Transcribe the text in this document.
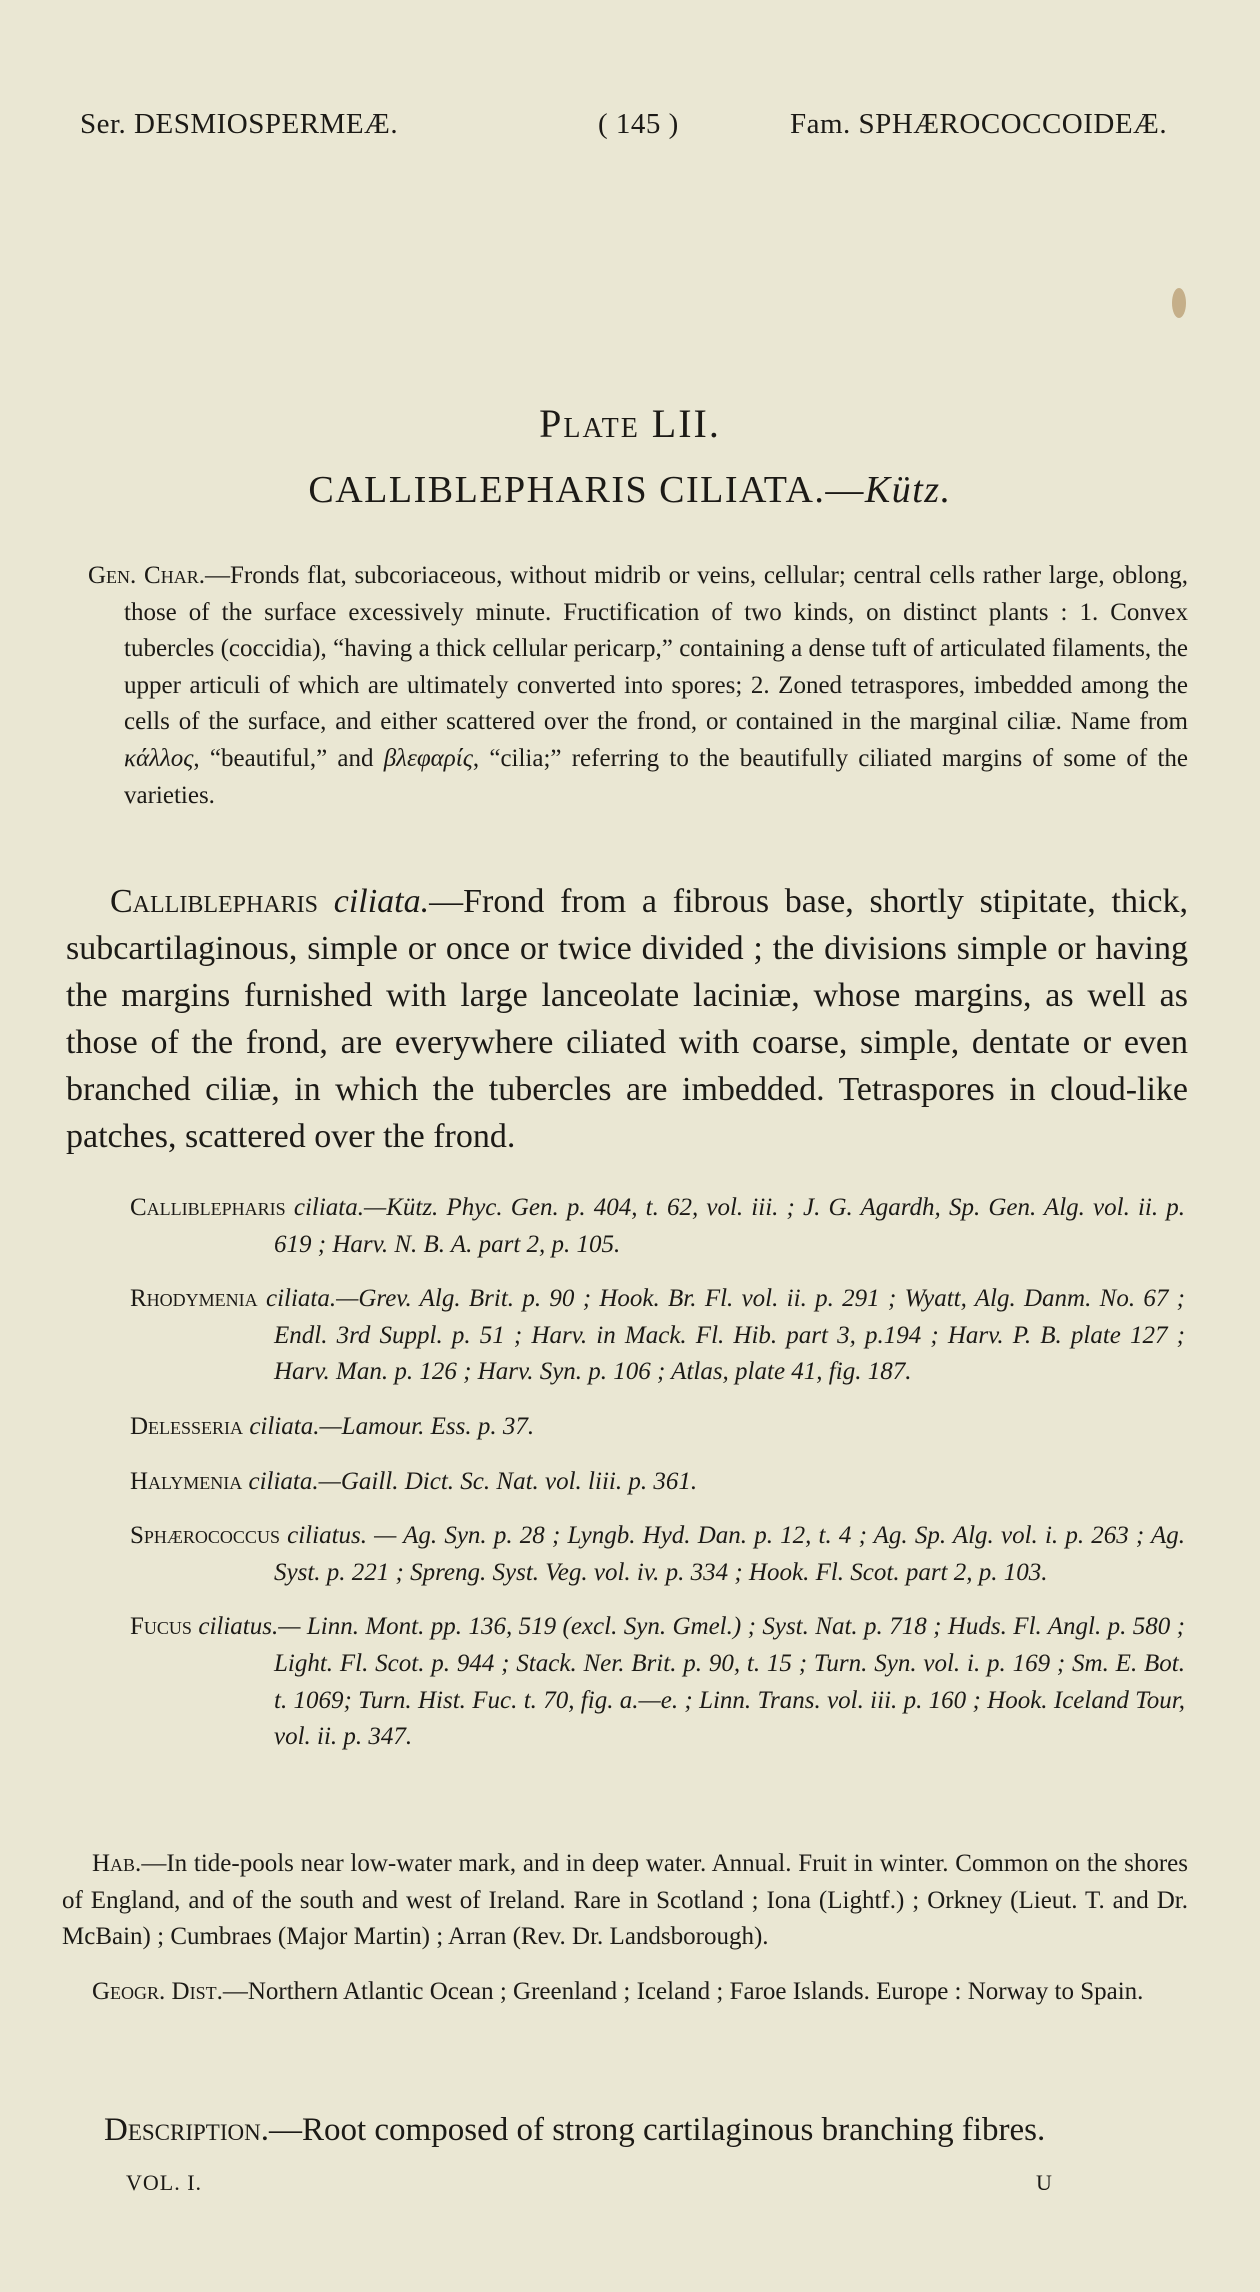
Ser. DESMIOSPERMEÆ.	( 145 )	Fam. SPHÆROCOCCOIDEÆ.
Plate LII.
CALLIBLEPHARIS CILIATA.—Kütz.

Gen. Char.—Fronds flat, subcoriaceous, without midrib or veins, cellular; central cells rather large, oblong, those of the surface excessively minute. Fructification of two kinds, on distinct plants : 1. Convex tubercles (coccidia), “having a thick cellular pericarp,” containing a dense tuft of articulated filaments, the upper articuli of which are ultimately converted into spores; 2. Zoned tetraspores, imbedded among the cells of the surface, and either scattered over the frond, or contained in the marginal ciliæ. Name from κάλλος, “beautiful,” and βλεφαρίς, “cilia;” referring to the beautifully ciliated margins of some of the varieties.

Calliblepharis ciliata.—Frond from a fibrous base, shortly stipitate, thick, subcartilaginous, simple or once or twice divided ; the divisions simple or having the margins furnished with large lanceolate laciniæ, whose margins, as well as those of the frond, are everywhere ciliated with coarse, simple, dentate or even branched ciliæ, in which the tubercles are imbedded. Tetraspores in cloud-like patches, scattered over the frond.

Calliblepharis ciliata.—Kütz. Phyc. Gen. p. 404, t. 62, vol. iii. ; J. G. Agardh, Sp. Gen. Alg. vol. ii. p. 619 ; Harv. N. B. A. part 2, p. 105.
Rhodymenia ciliata.—Grev. Alg. Brit. p. 90 ; Hook. Br. Fl. vol. ii. p. 291 ; Wyatt, Alg. Danm. No. 67 ; Endl. 3rd Suppl. p. 51 ; Harv. in Mack. Fl. Hib. part 3, p.194 ; Harv. P. B. plate 127 ; Harv. Man. p. 126 ; Harv. Syn. p. 106 ; Atlas, plate 41, fig. 187.
Delesseria ciliata.—Lamour. Ess. p. 37.
Halymenia ciliata.—Gaill. Dict. Sc. Nat. vol. liii. p. 361.
Sphærococcus ciliatus. — Ag. Syn. p. 28 ; Lyngb. Hyd. Dan. p. 12, t. 4 ; Ag. Sp. Alg. vol. i. p. 263 ; Ag. Syst. p. 221 ; Spreng. Syst. Veg. vol. iv. p. 334 ; Hook. Fl. Scot. part 2, p. 103.
Fucus ciliatus.— Linn. Mont. pp. 136, 519 (excl. Syn. Gmel.) ; Syst. Nat. p. 718 ; Huds. Fl. Angl. p. 580 ; Light. Fl. Scot. p. 944 ; Stack. Ner. Brit. p. 90, t. 15 ; Turn. Syn. vol. i. p. 169 ; Sm. E. Bot. t. 1069; Turn. Hist. Fuc. t. 70, fig. a.—e. ; Linn. Trans. vol. iii. p. 160 ; Hook. Iceland Tour, vol. ii. p. 347.

Hab.—In tide-pools near low-water mark, and in deep water. Annual. Fruit in winter. Common on the shores of England, and of the south and west of Ireland. Rare in Scotland ; Iona (Lightf.) ; Orkney (Lieut. T. and Dr. McBain) ; Cumbraes (Major Martin) ; Arran (Rev. Dr. Landsborough).

Geogr. Dist.—Northern Atlantic Ocean ; Greenland ; Iceland ; Faroe Islands. Europe : Norway to Spain.

Description.—Root composed of strong cartilaginous branching fibres.
VOL. I.	U
